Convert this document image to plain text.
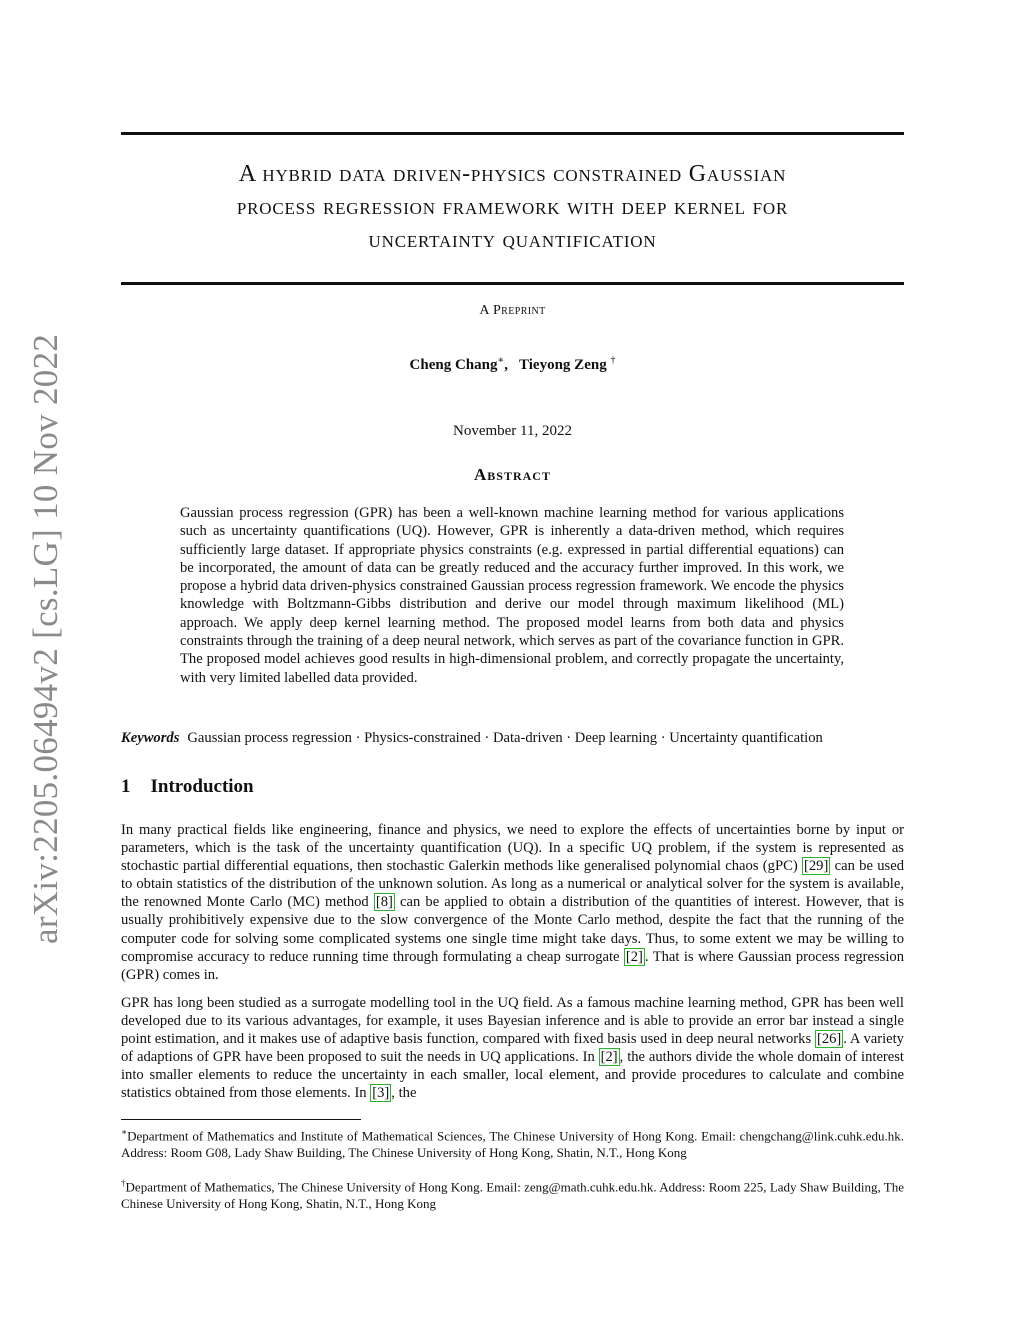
arXiv:2205.06494v2 [cs.LG] 10 Nov 2022
A hybrid data driven-physics constrained Gaussian
process regression framework with deep kernel for
uncertainty quantification
A Preprint
Cheng Chang∗,   Tieyong Zeng †
November 11, 2022
Abstract
Gaussian process regression (GPR) has been a well-known machine learning method for various applications such as uncertainty quantifications (UQ). However, GPR is inherently a data-driven method, which requires sufficiently large dataset. If appropriate physics constraints (e.g. expressed in partial differential equations) can be incorporated, the amount of data can be greatly reduced and the accuracy further improved. In this work, we propose a hybrid data driven-physics constrained Gaussian process regression framework. We encode the physics knowledge with Boltzmann-Gibbs distribution and derive our model through maximum likelihood (ML) approach. We apply deep kernel learning method. The proposed model learns from both data and physics constraints through the training of a deep neural network, which serves as part of the covariance function in GPR. The proposed model achieves good results in high-dimensional problem, and correctly propagate the uncertainty, with very limited labelled data provided.
Keywords Gaussian process regression · Physics-constrained · Data-driven · Deep learning · Uncertainty quantification
1 Introduction
In many practical fields like engineering, finance and physics, we need to explore the effects of uncertainties borne by input or parameters, which is the task of the uncertainty quantification (UQ). In a specific UQ problem, if the system is represented as stochastic partial differential equations, then stochastic Galerkin methods like generalised polynomial chaos (gPC) [29] can be used to obtain statistics of the distribution of the unknown solution. As long as a numerical or analytical solver for the system is available, the renowned Monte Carlo (MC) method [8] can be applied to obtain a distribution of the quantities of interest. However, that is usually prohibitively expensive due to the slow convergence of the Monte Carlo method, despite the fact that the running of the computer code for solving some complicated systems one single time might take days. Thus, to some extent we may be willing to compromise accuracy to reduce running time through formulating a cheap surrogate [2] . That is where Gaussian process regression (GPR) comes in.
GPR has long been studied as a surrogate modelling tool in the UQ field. As a famous machine learning method, GPR has been well developed due to its various advantages, for example, it uses Bayesian inference and is able to provide an error bar instead a single point estimation, and it makes use of adaptive basis function, compared with fixed basis used in deep neural networks [26] . A variety of adaptions of GPR have been proposed to suit the needs in UQ applications. In [2] , the authors divide the whole domain of interest into smaller elements to reduce the uncertainty in each smaller, local element, and provide procedures to calculate and combine statistics obtained from those elements. In [3] , the
∗Department of Mathematics and Institute of Mathematical Sciences, The Chinese University of Hong Kong. Email: chengchang@link.cuhk.edu.hk. Address: Room G08, Lady Shaw Building, The Chinese University of Hong Kong, Shatin, N.T., Hong Kong
†Department of Mathematics, The Chinese University of Hong Kong. Email: zeng@math.cuhk.edu.hk. Address: Room 225, Lady Shaw Building, The Chinese University of Hong Kong, Shatin, N.T., Hong Kong
